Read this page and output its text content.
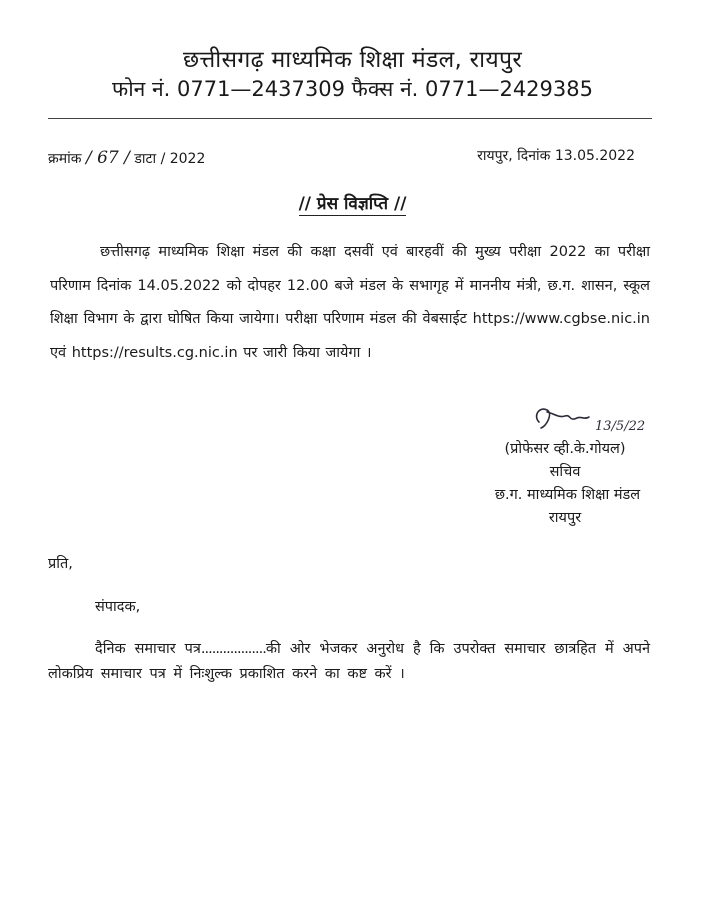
छत्तीसगढ़ माध्यमिक शिक्षा मंडल, रायपुर
फोन नं. 0771—2437309 फैक्स नं. 0771—2429385
क्रमांक / 67 / डाटा / 2022	रायपुर, दिनांक 13.05.2022
// प्रेस विज्ञप्ति //
छत्तीसगढ़ माध्यमिक शिक्षा मंडल की कक्षा दसवीं एवं बारहवीं की मुख्य परीक्षा 2022 का परीक्षा परिणाम दिनांक 14.05.2022 को दोपहर 12.00 बजे मंडल के सभागृह में माननीय मंत्री, छ.ग. शासन, स्कूल शिक्षा विभाग के द्वारा घोषित किया जायेगा। परीक्षा परिणाम मंडल की वेबसाईट https://www.cgbse.nic.in एवं https://results.cg.nic.in पर जारी किया जायेगा ।
13/5/22
(प्रोफेसर व्ही.के.गोयल)
सचिव
छ.ग. माध्यमिक शिक्षा मंडल
रायपुर
प्रति,
संपादक,
दैनिक समाचार पत्र..................की ओर भेजकर अनुरोध है कि उपरोक्त समाचार छात्रहित में अपने लोकप्रिय समाचार पत्र में निःशुल्क प्रकाशित करने का कष्ट करें ।
